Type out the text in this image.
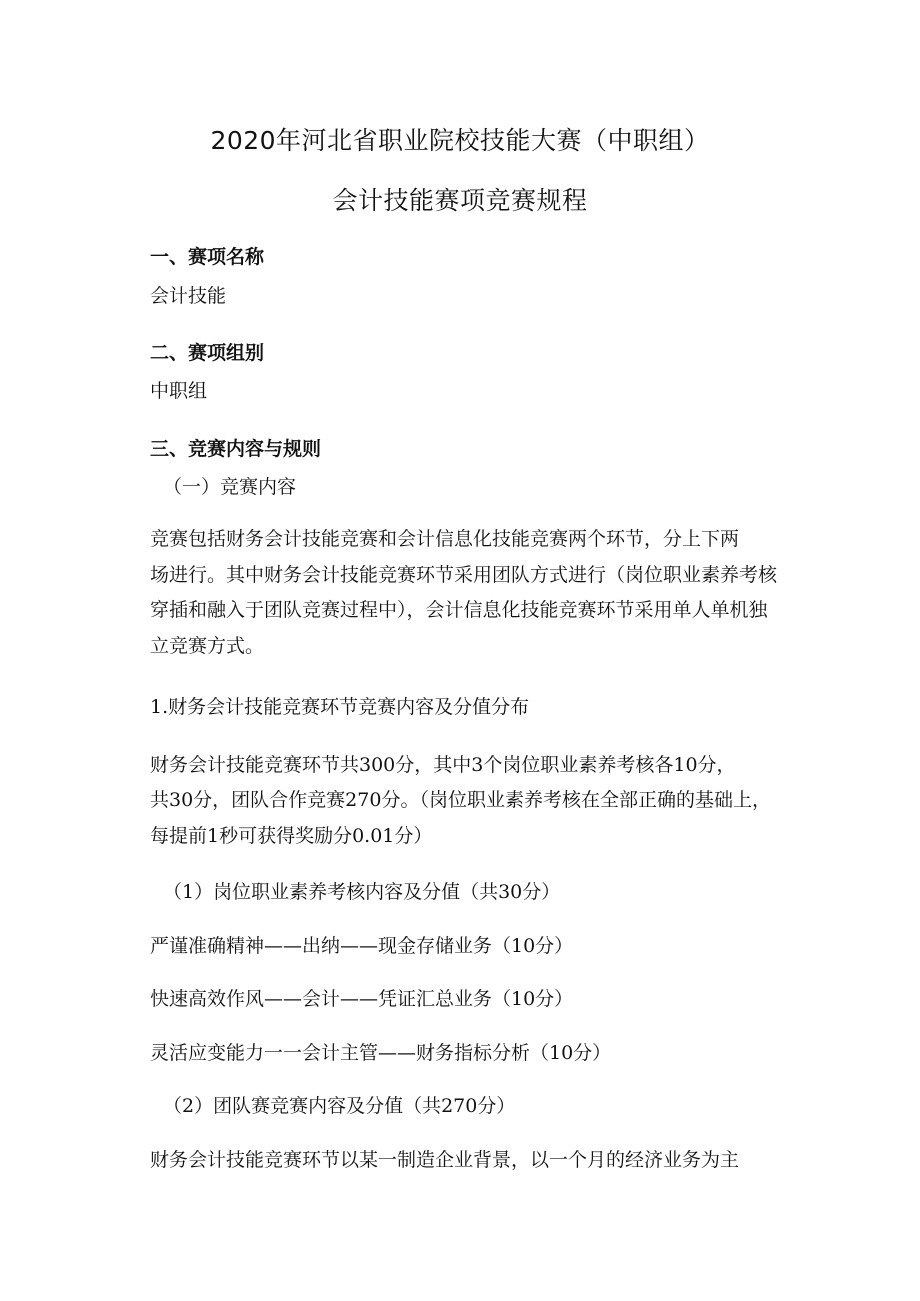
2020年河北省职业院校技能大赛（中职组）
会计技能赛项竞赛规程
一、赛项名称
会计技能
二、赛项组别
中职组
三、竞赛内容与规则
（一）竞赛内容
竞赛包括财务会计技能竞赛和会计信息化技能竞赛两个环节，分上下两
场进行。其中财务会计技能竞赛环节采用团队方式进行（岗位职业素养考核
穿插和融入于团队竞赛过程中），会计信息化技能竞赛环节采用单人单机独
立竞赛方式。
1.财务会计技能竞赛环节竞赛内容及分值分布
财务会计技能竞赛环节共300分，其中3个岗位职业素养考核各10分，
共30分，团队合作竞赛270分。（岗位职业素养考核在全部正确的基础上，
每提前1秒可获得奖励分0.01分）
（1）岗位职业素养考核内容及分值（共30分）
严谨准确精神——出纳——现金存储业务（10分）
快速高效作风——会计——凭证汇总业务（10分）
灵活应变能力一一会计主管——财务指标分析（10分）
（2）团队赛竞赛内容及分值（共270分）
财务会计技能竞赛环节以某一制造企业背景，以一个月的经济业务为主
